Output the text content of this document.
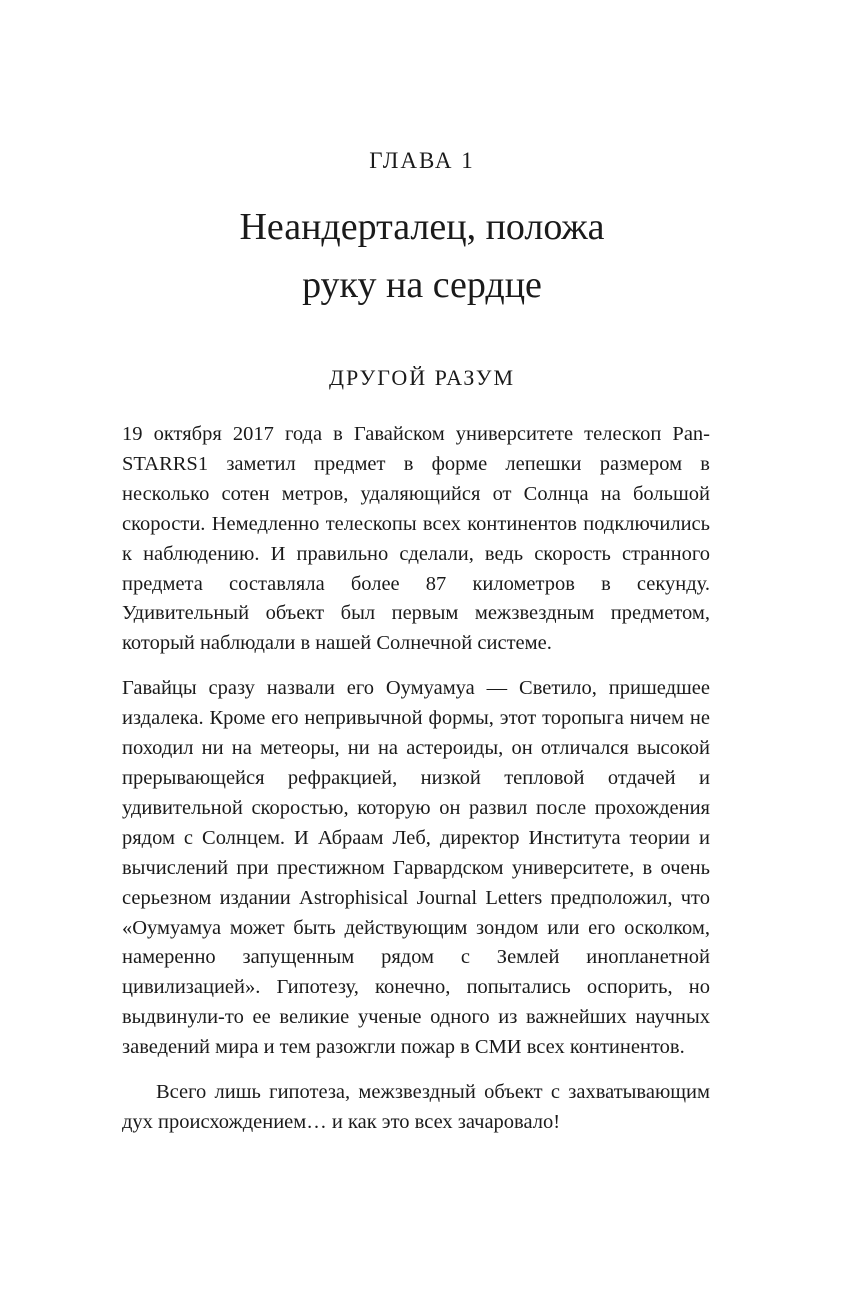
ГЛАВА 1
Неандерталец, положа
руку на сердце
ДРУГОЙ РАЗУМ

19 октября 2017 года в Гавайском университете телескоп Pan-STARRS1 заметил предмет в форме лепешки размером в несколько сотен метров, удаляющийся от Солнца на большой скорости. Немедленно телескопы всех континентов подключились к наблюдению. И правильно сделали, ведь скорость странного предмета составляла более 87 километров в секунду. Удивительный объект был первым межзвездным предметом, который наблюдали в нашей Солнечной системе.

Гавайцы сразу назвали его Оумуамуа — Светило, пришедшее издалека. Кроме его непривычной формы, этот торопыга ничем не походил ни на метеоры, ни на астероиды, он отличался высокой прерывающейся рефракцией, низкой тепловой отдачей и удивительной скоростью, которую он развил после прохождения рядом с Солнцем. И Абраам Леб, директор Института теории и вычислений при престижном Гарвардском университете, в очень серьезном издании Astrophisical Journal Letters предположил, что «Оумуамуа может быть действующим зондом или его осколком, намеренно запущенным рядом с Землей инопланетной цивилизацией». Гипотезу, конечно, попытались оспорить, но выдвинули-то ее великие ученые одного из важнейших научных заведений мира и тем разожгли пожар в СМИ всех континентов.

Всего лишь гипотеза, межзвездный объект с захватывающим дух происхождением… и как это всех зачаровало!
